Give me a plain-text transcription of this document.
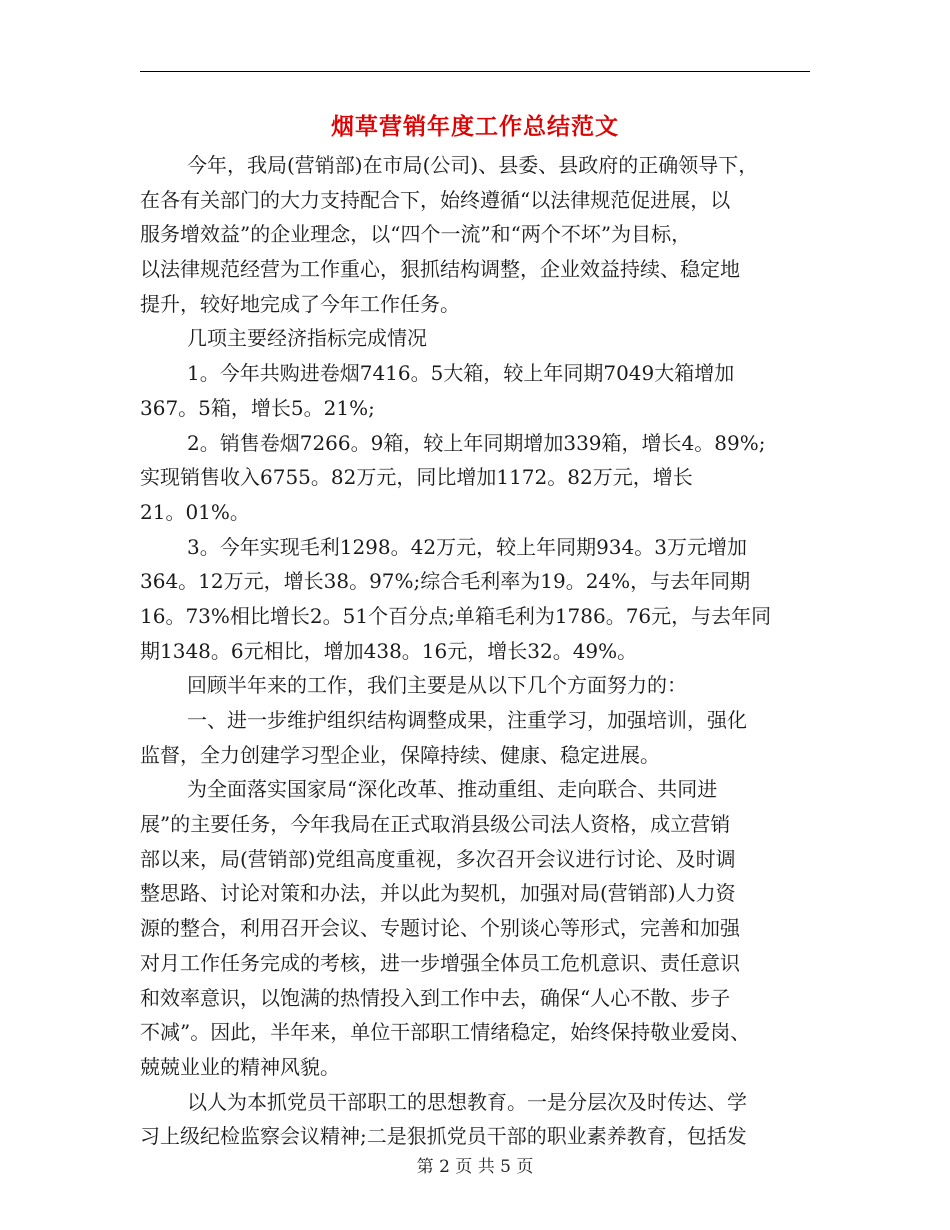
烟草营销年度工作总结范文
今年，我局(营销部)在市局(公司)、县委、县政府的正确领导下，
在各有关部门的大力支持配合下，始终遵循“以法律规范促进展，以
服务增效益”的企业理念，以“四个一流”和“两个不坏”为目标，
以法律规范经营为工作重心，狠抓结构调整，企业效益持续、稳定地
提升，较好地完成了今年工作任务。
几项主要经济指标完成情况
1。今年共购进卷烟7416。5大箱，较上年同期7049大箱增加
367。5箱，增长5。21%;
2。销售卷烟7266。9箱，较上年同期增加339箱，增长4。89%;
实现销售收入6755。82万元，同比增加1172。82万元，增长
21。01%。
3。今年实现毛利1298。42万元，较上年同期934。3万元增加
364。12万元，增长38。97%;综合毛利率为19。24%，与去年同期
16。73%相比增长2。51个百分点;单箱毛利为1786。76元，与去年同
期1348。6元相比，增加438。16元，增长32。49%。
回顾半年来的工作，我们主要是从以下几个方面努力的：
一、进一步维护组织结构调整成果，注重学习，加强培训，强化
监督，全力创建学习型企业，保障持续、健康、稳定进展。
为全面落实国家局“深化改革、推动重组、走向联合、共同进
展”的主要任务，今年我局在正式取消县级公司法人资格，成立营销
部以来，局(营销部)党组高度重视，多次召开会议进行讨论、及时调
整思路、讨论对策和办法，并以此为契机，加强对局(营销部)人力资
源的整合，利用召开会议、专题讨论、个别谈心等形式，完善和加强
对月工作任务完成的考核，进一步增强全体员工危机意识、责任意识
和效率意识，以饱满的热情投入到工作中去，确保“人心不散、步子
不减”。因此，半年来，单位干部职工情绪稳定，始终保持敬业爱岗、
兢兢业业的精神风貌。
以人为本抓党员干部职工的思想教育。一是分层次及时传达、学
习上级纪检监察会议精神;二是狠抓党员干部的职业素养教育，包括发
第 2 页 共 5 页
